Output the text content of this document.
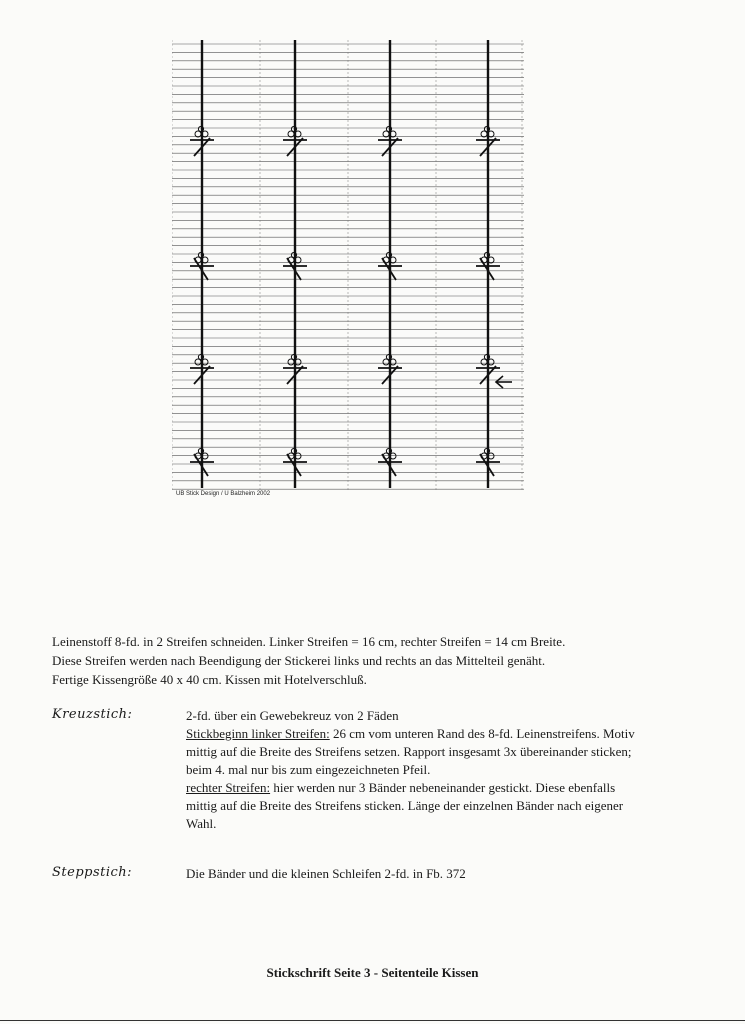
UB Stick Design / U Balzheim 2002

Leinenstoff 8-fd. in 2 Streifen schneiden. Linker Streifen = 16 cm, rechter Streifen = 14 cm Breite.

Diese Streifen werden nach Beendigung der Stickerei links und rechts an das Mittelteil genäht.

Fertige Kissengröße 40 x 40 cm. Kissen mit Hotelverschluß.

Kreuzstich:	2-fd. über ein Gewebekreuz von 2 Fäden

Stickbeginn linker Streifen: 26 cm vom unteren Rand des 8-fd. Leinenstreifens. Motiv mittig auf die Breite des Streifens setzen. Rapport insgesamt 3x übereinander sticken; beim 4. mal nur bis zum eingezeichneten Pfeil.

rechter Streifen: hier werden nur 3 Bänder nebeneinander gestickt. Diese ebenfalls mittig auf die Breite des Streifens sticken. Länge der einzelnen Bänder nach eigener Wahl.

Steppstich:	Die Bänder und die kleinen Schleifen 2-fd. in Fb. 372

Stickschrift Seite 3 - Seitenteile Kissen
